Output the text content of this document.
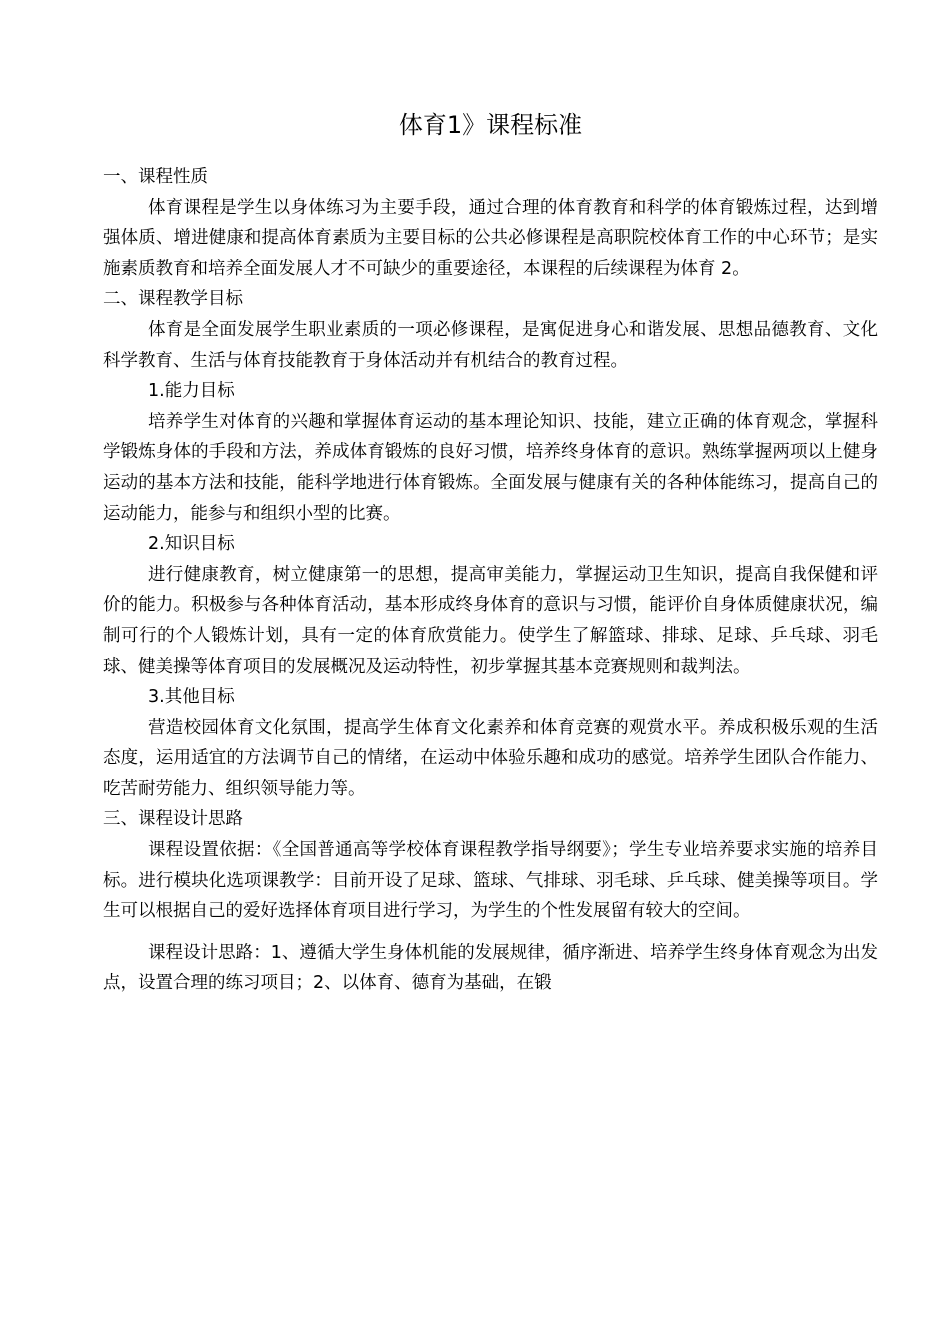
体育1》课程标准

一、课程性质

体育课程是学生以身体练习为主要手段，通过合理的体育教育和科学的体育锻炼过程，达到增强体质、增进健康和提高体育素质为主要目标的公共必修课程是高职院校体育工作的中心环节；是实施素质教育和培养全面发展人才不可缺少的重要途径，本课程的后续课程为体育 2。

二、课程教学目标

体育是全面发展学生职业素质的一项必修课程，是寓促进身心和谐发展、思想品德教育、文化科学教育、生活与体育技能教育于身体活动并有机结合的教育过程。

1.能力目标

培养学生对体育的兴趣和掌握体育运动的基本理论知识、技能，建立正确的体育观念，掌握科学锻炼身体的手段和方法，养成体育锻炼的良好习惯，培养终身体育的意识。熟练掌握两项以上健身运动的基本方法和技能，能科学地进行体育锻炼。全面发展与健康有关的各种体能练习，提高自己的运动能力，能参与和组织小型的比赛。

2.知识目标

进行健康教育，树立健康第一的思想，提高审美能力，掌握运动卫生知识，提高自我保健和评价的能力。积极参与各种体育活动，基本形成终身体育的意识与习惯，能评价自身体质健康状况，编制可行的个人锻炼计划，具有一定的体育欣赏能力。使学生了解篮球、排球、足球、乒乓球、羽毛球、健美操等体育项目的发展概况及运动特性，初步掌握其基本竞赛规则和裁判法。

3.其他目标

营造校园体育文化氛围，提高学生体育文化素养和体育竞赛的观赏水平。养成积极乐观的生活态度，运用适宜的方法调节自己的情绪，在运动中体验乐趣和成功的感觉。培养学生团队合作能力、吃苦耐劳能力、组织领导能力等。

三、课程设计思路

课程设置依据：《全国普通高等学校体育课程教学指导纲要》；学生专业培养要求实施的培养目标。进行模块化选项课教学：目前开设了足球、篮球、气排球、羽毛球、乒乓球、健美操等项目。学生可以根据自己的爱好选择体育项目进行学习，为学生的个性发展留有较大的空间。

课程设计思路：1、遵循大学生身体机能的发展规律，循序渐进、培养学生终身体育观念为出发点，设置合理的练习项目；2、以体育、德育为基础，在锻
